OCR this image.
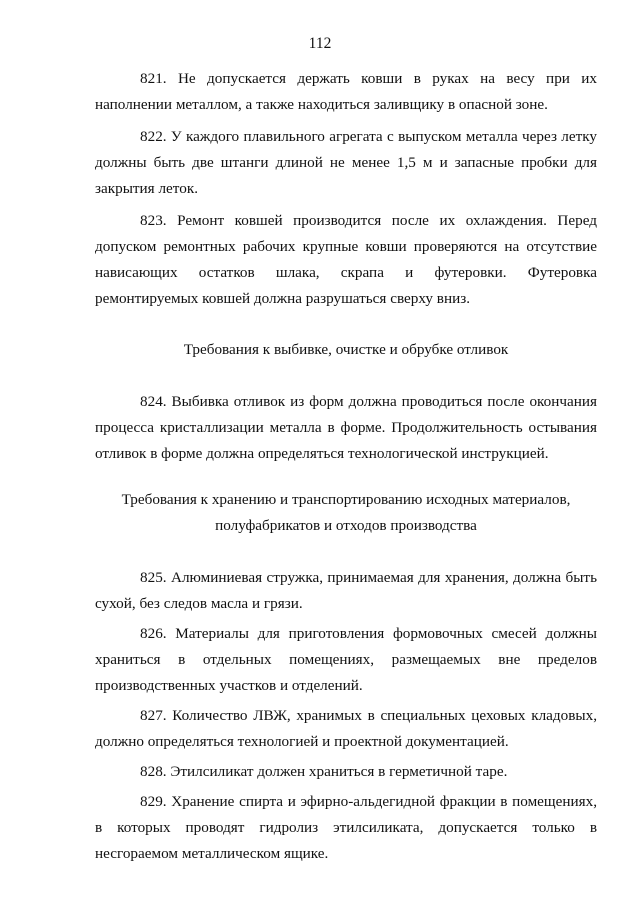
112

821. Не допускается держать ковши в руках на весу при их наполнении металлом, а также находиться заливщику в опасной зоне.

822. У каждого плавильного агрегата с выпуском металла через летку должны быть две штанги длиной не менее 1,5 м и запасные пробки для закрытия леток.

823. Ремонт ковшей производится после их охлаждения. Перед допуском ремонтных рабочих крупные ковши проверяются на отсутствие нависающих остатков шлака, скрапа и футеровки. Футеровка ремонтируемых ковшей должна разрушаться сверху вниз.

Требования к выбивке, очистке и обрубке отливок

824. Выбивка отливок из форм должна проводиться после окончания процесса кристаллизации металла в форме. Продолжительность остывания отливок в форме должна определяться технологической инструкцией.

Требования к хранению и транспортированию исходных материалов,
полуфабрикатов и отходов производства

825. Алюминиевая стружка, принимаемая для хранения, должна быть сухой, без следов масла и грязи.

826. Материалы для приготовления формовочных смесей должны храниться в отдельных помещениях, размещаемых вне пределов производственных участков и отделений.

827. Количество ЛВЖ, хранимых в специальных цеховых кладовых, должно определяться технологией и проектной документацией.

828. Этилсиликат должен храниться в герметичной таре.

829. Хранение спирта и эфирно-альдегидной фракции в помещениях, в которых проводят гидролиз этилсиликата, допускается только в несгораемом металлическом ящике.
